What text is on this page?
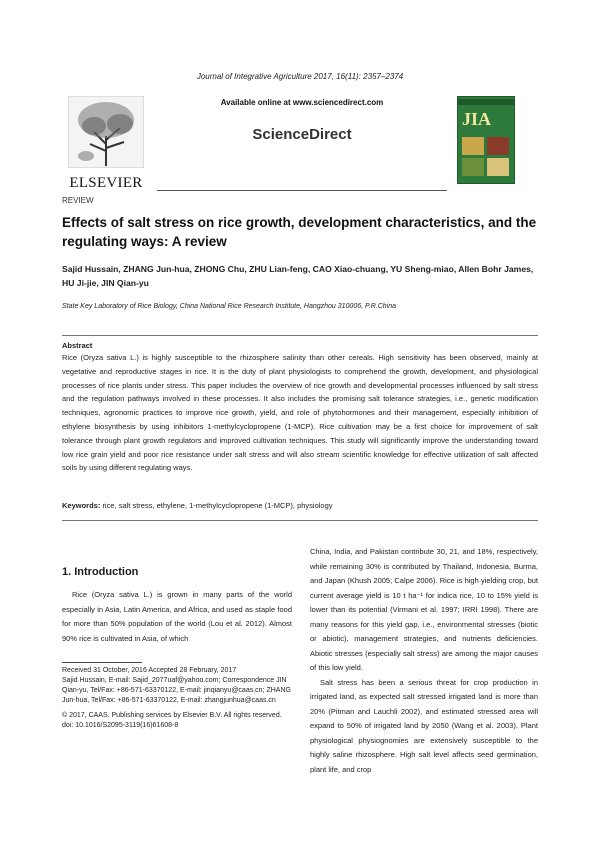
Journal of Integrative Agriculture 2017, 16(11): 2357–2374
ELSEVIER
Available online at www.sciencedirect.com
ScienceDirect
JIA
REVIEW
Effects of salt stress on rice growth, development characteristics, and the regulating ways: A review
Sajid Hussain, ZHANG Jun-hua, ZHONG Chu, ZHU Lian-feng, CAO Xiao-chuang, YU Sheng-miao, Allen Bohr James, HU Ji-jie, JIN Qian-yu
State Key Laboratory of Rice Biology, China National Rice Research Institute, Hangzhou 310006, P.R.China
Abstract
Rice (Oryza sativa L.) is highly susceptible to the rhizosphere salinity than other cereals. High sensitivity has been observed, mainly at vegetative and reproductive stages in rice. It is the duty of plant physiologists to comprehend the growth, development, and physiological processes of rice plants under stress. This paper includes the overview of rice growth and developmental processes influenced by salt stress and the regulation pathways involved in these processes. It also includes the promising salt tolerance strategies, i.e., genetic modification techniques, agronomic practices to improve rice growth, yield, and role of phytohormones and their management, especially inhibition of ethylene biosynthesis by using inhibitors 1-methylcyclopropene (1-MCP). Rice cultivation may be a first choice for improvement of salt tolerance through plant growth regulators and improved cultivation techniques. This study will significantly improve the understanding toward low rice grain yield and poor rice resistance under salt stress and will also stream scientific knowledge for effective utilization of salt affected soils by using different regulating ways.
Keywords: rice, salt stress, ethylene, 1-methylcyclopropene (1-MCP), physiology
1. Introduction
Rice (Oryza sativa L.) is grown in many parts of the world especially in Asia, Latin America, and Africa, and used as staple food for more than 50% population of the world (Lou et al. 2012). Almost 90% rice is cultivated in Asia, of which
China, India, and Pakistan contribute 30, 21, and 18%, respectively, while remaining 30% is contributed by Thailand, Indonesia, Burma, and Japan (Khush 2005; Calpe 2006). Rice is high yielding crop, but current average yield is 10 t ha⁻¹ for indica rice, 10 to 15% yield is lower than its potential (Virmani et al. 1997; IRRI 1998). There are many reasons for this yield gap, i.e., environmental stresses (biotic or abiotic), management strategies, and nutrients deficiencies. Abiotic stresses (especially salt stress) are among the major causes of this low yield.
Salt stress has been a serious threat for crop production in irrigated land, as expected salt stressed irrigated land is more than 20% (Pitman and Lauchli 2002), and estimated stressed area will expand to 50% of irrigated land by 2050 (Wang et al. 2003). Plant physiological physiognomies are extensively susceptible to the highly saline rhizosphere. High salt level affects seed germination, plant life, and crop
Received 31 October, 2016 Accepted 28 February, 2017
Sajid Hussain, E-mail: Sajid_2077uaf@yahoo.com; Correspondence JIN Qian-yu, Tel/Fax: +86-571-63370122, E-mail: jinqianyu@caas.cn; ZHANG Jun-hua, Tel/Fax: +86-571-63370122, E-mail: zhangjunhua@caas.cn
© 2017, CAAS. Publishing services by Elsevier B.V. All rights reserved.
doi: 10.1016/S2095-3119(16)61608-8
